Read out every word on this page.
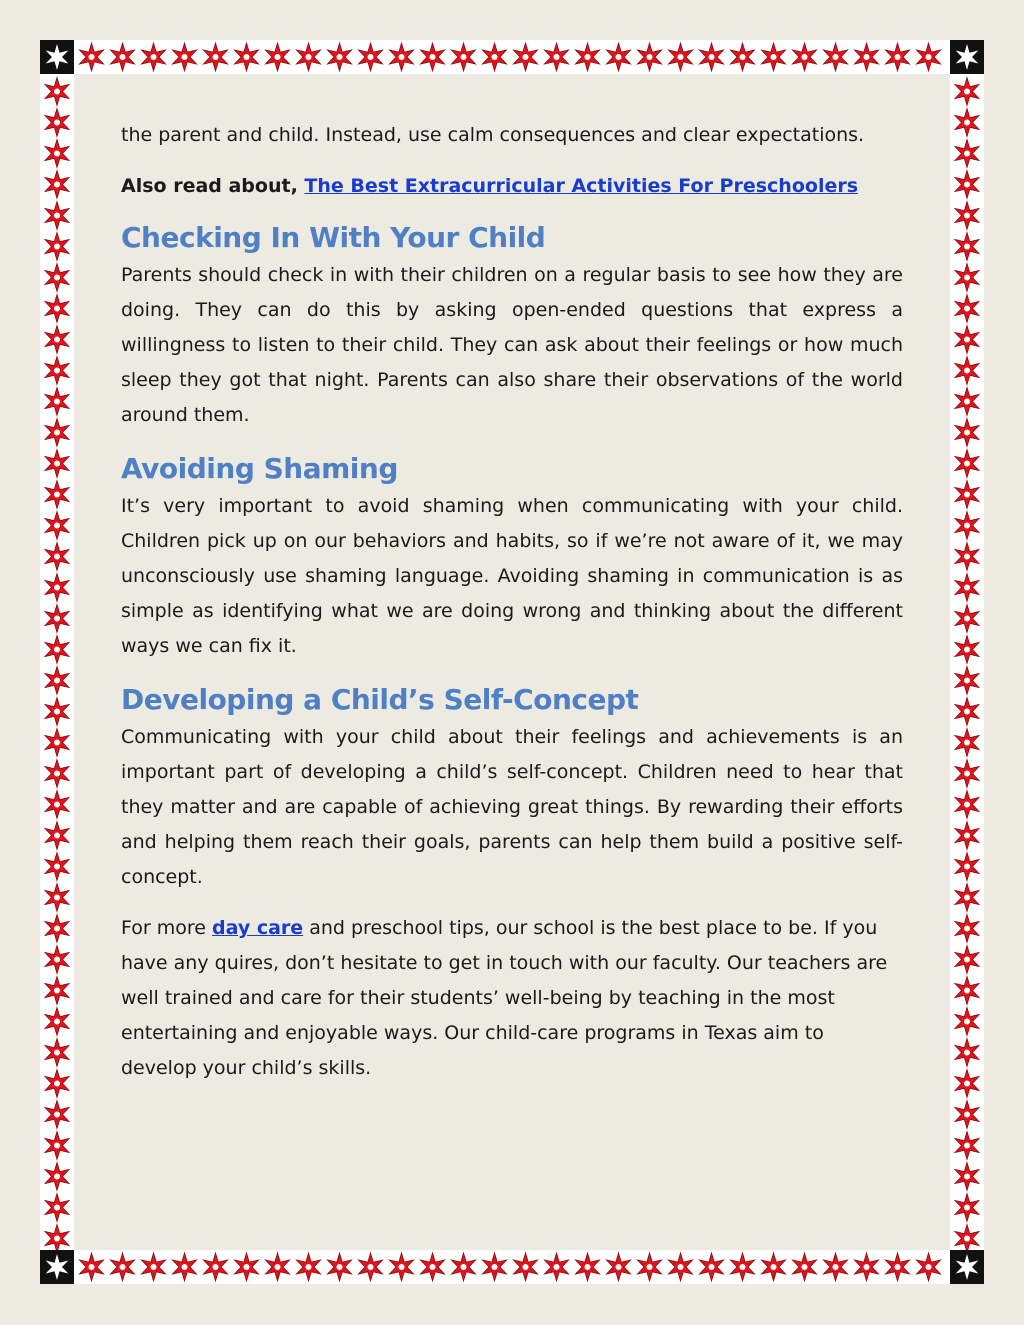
the parent and child. Instead, use calm consequences and clear expectations.

Also read about, The Best Extracurricular Activities For Preschoolers

Checking In With Your Child

Parents should check in with their children on a regular basis to see how they are doing. They can do this by asking open-ended questions that express a willingness to listen to their child. They can ask about their feelings or how much sleep they got that night. Parents can also share their observations of the world around them.

Avoiding Shaming

It’s very important to avoid shaming when communicating with your child. Children pick up on our behaviors and habits, so if we’re not aware of it, we may unconsciously use shaming language. Avoiding shaming in communication is as simple as identifying what we are doing wrong and thinking about the different ways we can fix it.

Developing a Child’s Self-Concept

Communicating with your child about their feelings and achievements is an important part of developing a child’s self-concept. Children need to hear that they matter and are capable of achieving great things. By rewarding their efforts and helping them reach their goals, parents can help them build a positive self-concept.

For more day care and preschool tips, our school is the best place to be. If you have any quires, don’t hesitate to get in touch with our faculty. Our teachers are well trained and care for their students’ well-being by teaching in the most entertaining and enjoyable ways. Our child-care programs in Texas aim to develop your child’s skills.
